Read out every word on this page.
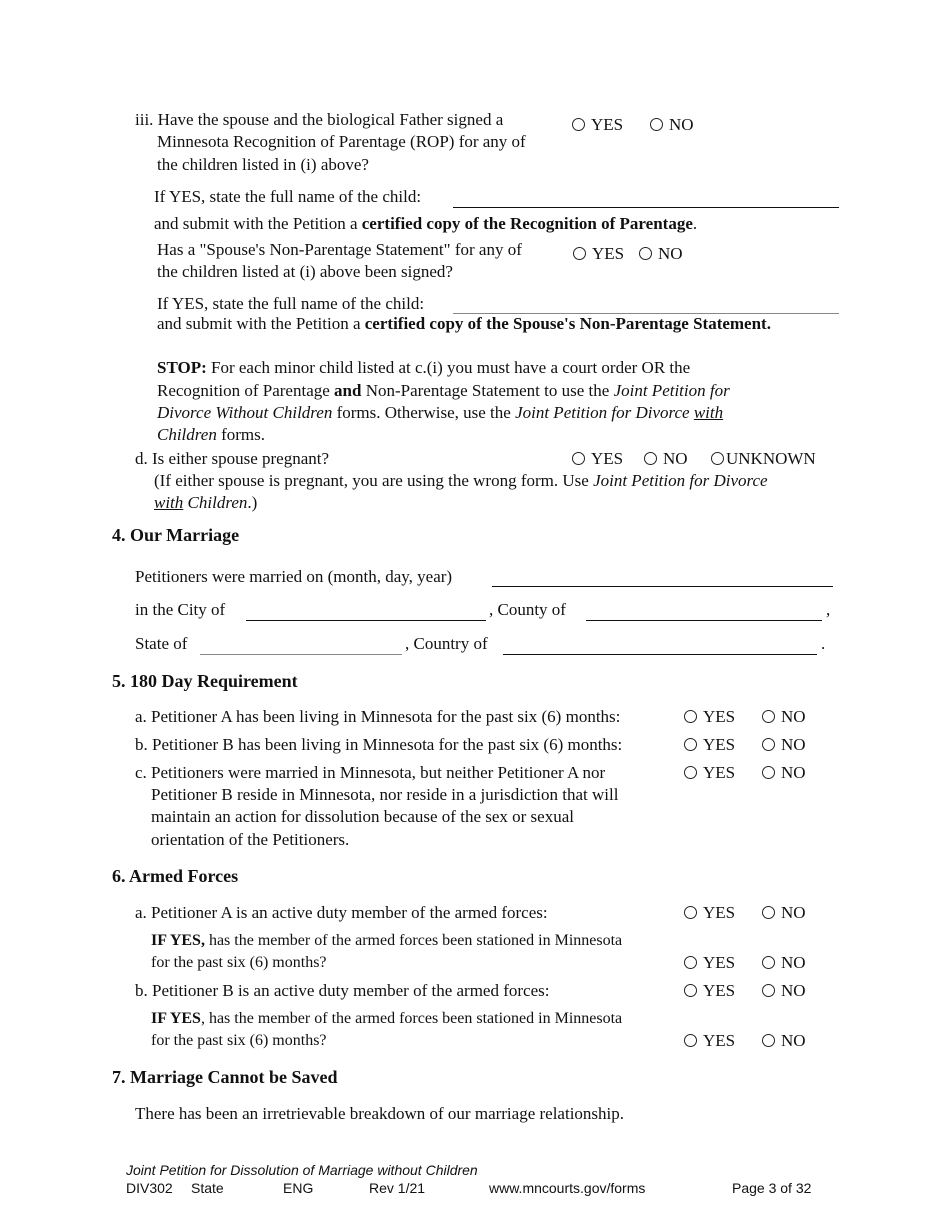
iii. Have the spouse and the biological Father signed a
Minnesota Recognition of Parentage (ROP) for any of
the children listed in (i) above?
YES	NO
If YES, state the full name of the child:
and submit with the Petition a certified copy of the Recognition of Parentage.
Has a "Spouse's Non-Parentage Statement" for any of
the children listed at (i) above been signed?
YES	NO
If YES, state the full name of the child:
and submit with the Petition a certified copy of the Spouse's Non-Parentage Statement.
STOP: For each minor child listed at c.(i) you must have a court order OR the
Recognition of Parentage and Non-Parentage Statement to use the Joint Petition for
Divorce Without Children forms. Otherwise, use the Joint Petition for Divorce with
Children forms.
d. Is either spouse pregnant?	YES	NO	UNKNOWN
(If either spouse is pregnant, you are using the wrong form. Use Joint Petition for Divorce
with Children.)
4. Our Marriage
Petitioners were married on (month, day, year)
in the City of	, County of	,
State of	, Country of	.
5. 180 Day Requirement
a. Petitioner A has been living in Minnesota for the past six (6) months:	YES	NO
b. Petitioner B has been living in Minnesota for the past six (6) months:	YES	NO
c. Petitioners were married in Minnesota, but neither Petitioner A nor
Petitioner B reside in Minnesota, nor reside in a jurisdiction that will
maintain an action for dissolution because of the sex or sexual
orientation of the Petitioners.
YES	NO
6. Armed Forces
a. Petitioner A is an active duty member of the armed forces:	YES	NO
IF YES, has the member of the armed forces been stationed in Minnesota
for the past six (6) months?	YES	NO
b. Petitioner B is an active duty member of the armed forces:	YES	NO
IF YES, has the member of the armed forces been stationed in Minnesota
for the past six (6) months?	YES	NO
7. Marriage Cannot be Saved
There has been an irretrievable breakdown of our marriage relationship.
Joint Petition for Dissolution of Marriage without Children
DIV302 State	ENG	Rev 1/21	www.mncourts.gov/forms	Page 3 of 32
